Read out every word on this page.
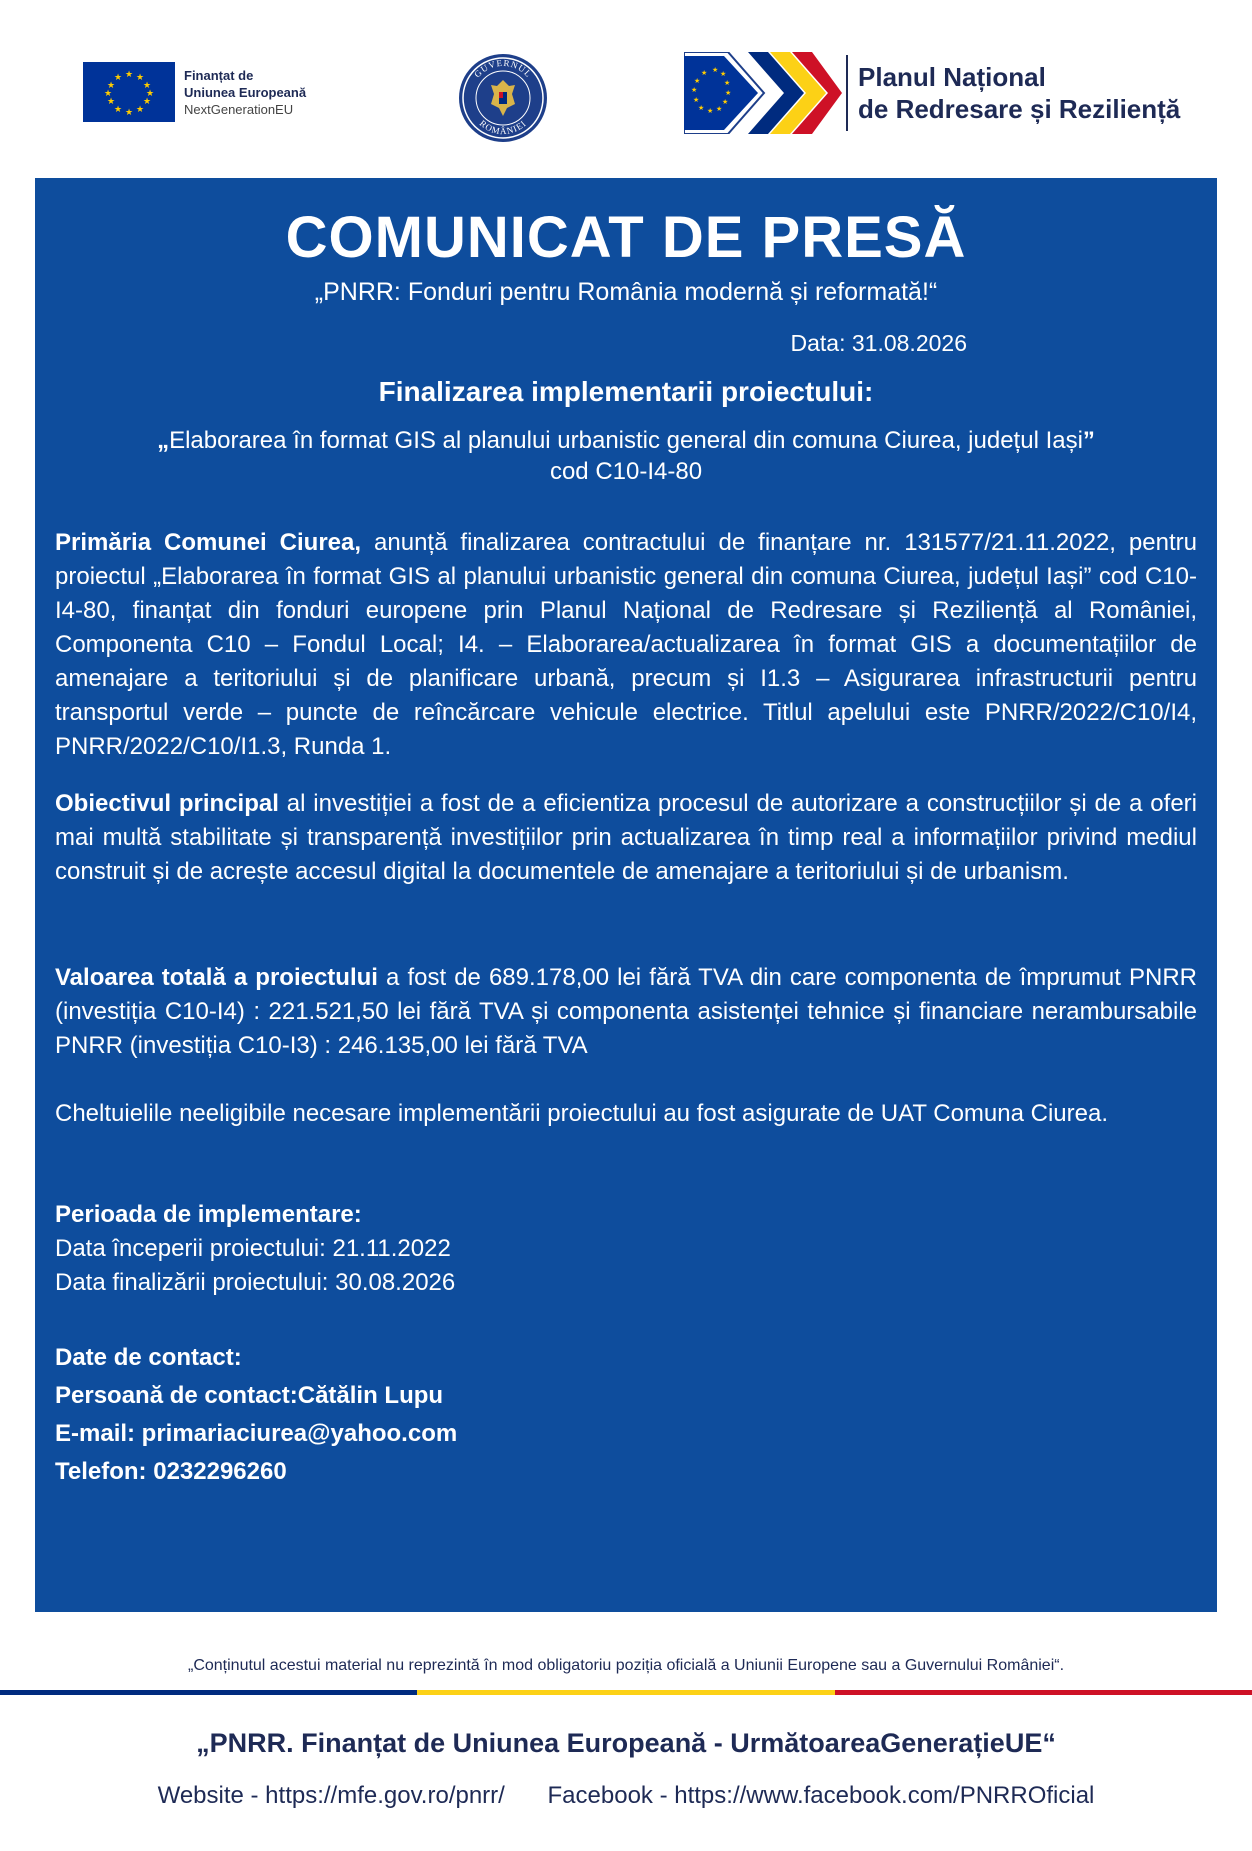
★ ★
★
★
★
★
★
★
★
★
★
★	Finanțat de
Uniunea Europeană
NextGenerationEU
GUVERNUL
ROMÂNIEI
★
★
★
★
★
★
★
★
★
★
★
★	Planul Național
de Redresare și Reziliență
COMUNICAT DE PRESĂ
„PNRR: Fonduri pentru România modernă și reformată!“
Data: 31.08.2026
Finalizarea implementarii proiectului:
„Elaborarea în format GIS al planului urbanistic general din comuna Ciurea, județul Iași”
cod C10-I4-80
Primăria Comunei Ciurea, anunță finalizarea contractului de finanțare nr. 131577/21.11.2022, pentru proiectul „Elaborarea în format GIS al planului urbanistic general din comuna Ciurea, județul Iași” cod C10-I4-80, finanțat din fonduri europene prin Planul Național de Redresare și Reziliență al României, Componenta C10 – Fondul Local; I4. – Elaborarea/actualizarea în format GIS a documentațiilor de amenajare a teritoriului și de planificare urbană, precum și I1.3 – Asigurarea infrastructurii pentru transportul verde – puncte de reîncărcare vehicule electrice. Titlul apelului este PNRR/2022/C10/I4, PNRR/2022/C10/I1.3, Runda 1.
Obiectivul principal al investiției a fost de a eficientiza procesul de autorizare a construcțiilor și de a oferi mai multă stabilitate și transparență investițiilor prin actualizarea în timp real a informațiilor privind mediul construit și de acrește accesul digital la documentele de amenajare a teritoriului și de urbanism.
Valoarea totală a proiectului a fost de 689.178,00 lei fără TVA din care componenta de împrumut PNRR (investiția C10-I4) : 221.521,50 lei fără TVA și componenta asistenței tehnice și financiare nerambursabile PNRR (investiția C10-I3) : 246.135,00 lei fără TVA
Cheltuielile neeligibile necesare implementării proiectului au fost asigurate de UAT Comuna Ciurea.
Perioada de implementare:
Data începerii proiectului: 21.11.2022
Data finalizării proiectului: 30.08.2026
Date de contact:
Persoană de contact:Cătălin Lupu
E-mail: primariaciurea@yahoo.com
Telefon: 0232296260
„Conținutul acestui material nu reprezintă în mod obligatoriu poziția oficială a Uniunii Europene sau a Guvernului României“.
„PNRR. Finanțat de Uniunea Europeană - UrmătoareaGenerațieUE“
Website - https://mfe.gov.ro/pnrr/ Facebook - https://www.facebook.com/PNRROficial
